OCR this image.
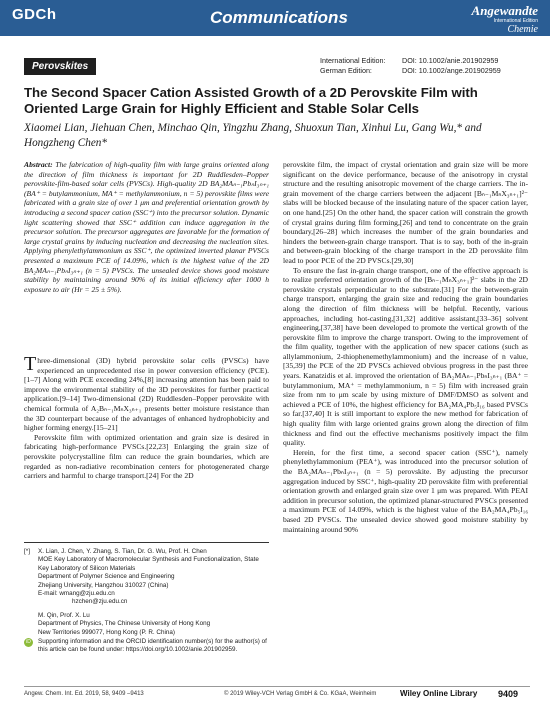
GDCh	Communications	Angewandte
International Edition
Chemie
Perovskites
International Edition: DOI: 10.1002/anie.201902959
German Edition:	DOI: 10.1002/ange.201902959
The Second Spacer Cation Assisted Growth of a 2D Perovskite Film with Oriented Large Grain for Highly Efficient and Stable Solar Cells
Xiaomei Lian, Jiehuan Chen, Minchao Qin, Yingzhu Zhang, Shuoxun Tian, Xinhui Lu, Gang Wu,* and Hongzheng Chen*
Abstract: The fabrication of high-quality film with large grains oriented along the direction of film thickness is important for 2D Ruddlesden–Popper perovskite-film-based solar cells (PVSCs). High-quality 2D BA₂MAₙ₋₁PbₙI₃ₙ₊₁ (BA⁺ = butylammonium, MA⁺ = methylammonium, n = 5) perovskite films were fabricated with a grain size of over 1 μm and preferential orientation growth by introducing a second spacer cation (SSC⁺) into the precursor solution. Dynamic light scattering showed that SSC⁺ addition can induce aggregation in the precursor solution. The precursor aggregates are favorable for the formation of large crystal grains by inducing nucleation and decreasing the nucleation sites. Applying phenylethylammonium as SSC⁺, the optimized inverted planar PVSCs presented a maximum PCE of 14.09%, which is the highest value of the 2D BA₂MAₙ₋₁PbₙI₃ₙ₊₁ (n = 5) PVSCs. The unsealed device shows good moisture stability by maintaining around 90% of its initial efficiency after 1000 h exposure to air (Hr = 25 ± 5%).

Three-dimensional (3D) hybrid perovskite solar cells (PVSCs) have experienced an unprecedented rise in power conversion efficiency (PCE).[1–7] Along with PCE exceeding 24%,[8] increasing attention has been paid to improve the environmental stability of the 3D perovskites for further practical application.[9–14] Two-dimensional (2D) Ruddlesden–Popper perovskite with chemical formula of A₂Bₙ₋₁MₙX₃ₙ₊₁ presents better moisture resistance than the 3D counterpart because of the advantages of enhanced hydrophobicity and higher forming energy.[15–21]

Perovskite film with optimized orientation and grain size is desired in fabricating high-performance PVSCs.[22,23] Enlarging the grain size of perovskite polycrystalline film can reduce the grain boundaries, which are regarded as non-radiative recombination centers for photogenerated charge carriers and harmful to charge transport.[24] For the 2D

[*]	X. Lian, J. Chen, Y. Zhang, S. Tian, Dr. G. Wu, Prof. H. Chen
MOE Key Laboratory of Macromolecular Synthesis and Functionalization, State Key Laboratory of Silicon Materials
Department of Polymer Science and Engineering
Zhejiang University, Hangzhou 310027 (China)
E-mail: wmang@zju.edu.cn
hzchen@zju.edu.cn
M. Qin, Prof. X. Lu
Department of Physics, The Chinese University of Hong Kong
New Territories 999077, Hong Kong (P. R. China)
iD	Supporting information and the ORCID identification number(s) for the author(s) of this article can be found under: https://doi.org/10.1002/anie.201902959.

perovskite film, the impact of crystal orientation and grain size will be more significant on the device performance, because of the anisotropy in crystal structure and the resulting anisotropic movement of the charge carriers. The in-grain movement of the charge carriers between the adjacent [Bₙ₋₁MₙX₃ₙ₊₁]²⁻ slabs will be blocked because of the insulating nature of the spacer cation layer, on one hand.[25] On the other hand, the spacer cation will constrain the growth of crystal grains during film forming,[26] and tend to concentrate on the grain boundary,[26–28] which increases the number of the grain boundaries and hinders the between-grain charge transport. That is to say, both of the in-grain and between-grain blocking of the charge transport in the 2D perovskite film lead to poor PCE of the 2D PVSCs.[29,30]

To ensure the fast in-grain charge transport, one of the effective approach is to realize preferred orientation growth of the [Bₙ₋₁MₙX₃ₙ₊₁]²⁻ slabs in the 2D perovskite crystals perpendicular to the substrate.[31] For the between-grain charge transport, enlarging the grain size and reducing the grain boundaries along the direction of film thickness will be helpful. Recently, various approaches, including hot-casting,[31,32] additive assistant,[33–36] solvent engineering,[37,38] have been developed to promote the vertical growth of the perovskite film to improve the charge transport. Owing to the improvement of the film quality, together with the application of new spacer cations (such as allylammonium, 2-thiophenemethylammonium) and the increase of n value,[35,39] the PCE of the 2D PVSCs achieved obvious progress in the past three years. Kanatzidis et al. improved the orientation of BA₂MAₙ₋₁PbₙI₃ₙ₊₁ (BA⁺ = butylammonium, MA⁺ = methylammonium, n = 5) film with increased grain size from nm to μm scale by using mixture of DMF/DMSO as solvent and achieved a PCE of 10%, the highest efficiency for BA₂MA₄Pb₅I₁₆ based PVSCs so far.[37,40] It is still important to explore the new method for fabrication of high quality film with large oriented grains grown along the direction of film thickness and find out the effective mechanisms positively impact the film quality.

Herein, for the first time, a second spacer cation (SSC⁺), namely phenylethylammonium (PEA⁺), was introduced into the precursor solution of the BA₂MAₙ₋₁PbₙI₃ₙ₊₁ (n = 5) perovskite. By adjusting the precursor aggregation induced by SSC⁺, high-quality 2D perovskite film with preferential orientation growth and enlarged grain size over 1 μm was prepared. With PEAI addition in precursor solution, the optimized planar-structured PVSCs presented a maximum PCE of 14.09%, which is the highest value of the BA₂MA₄Pb₅I₁₆ based 2D PVSCs. The unsealed device showed good moisture stability by maintaining around 90%

Angew. Chem. Int. Ed. 2019, 58, 9409 –9413	© 2019 Wiley-VCH Verlag GmbH & Co. KGaA, Weinheim	Wiley Online Library 9409
